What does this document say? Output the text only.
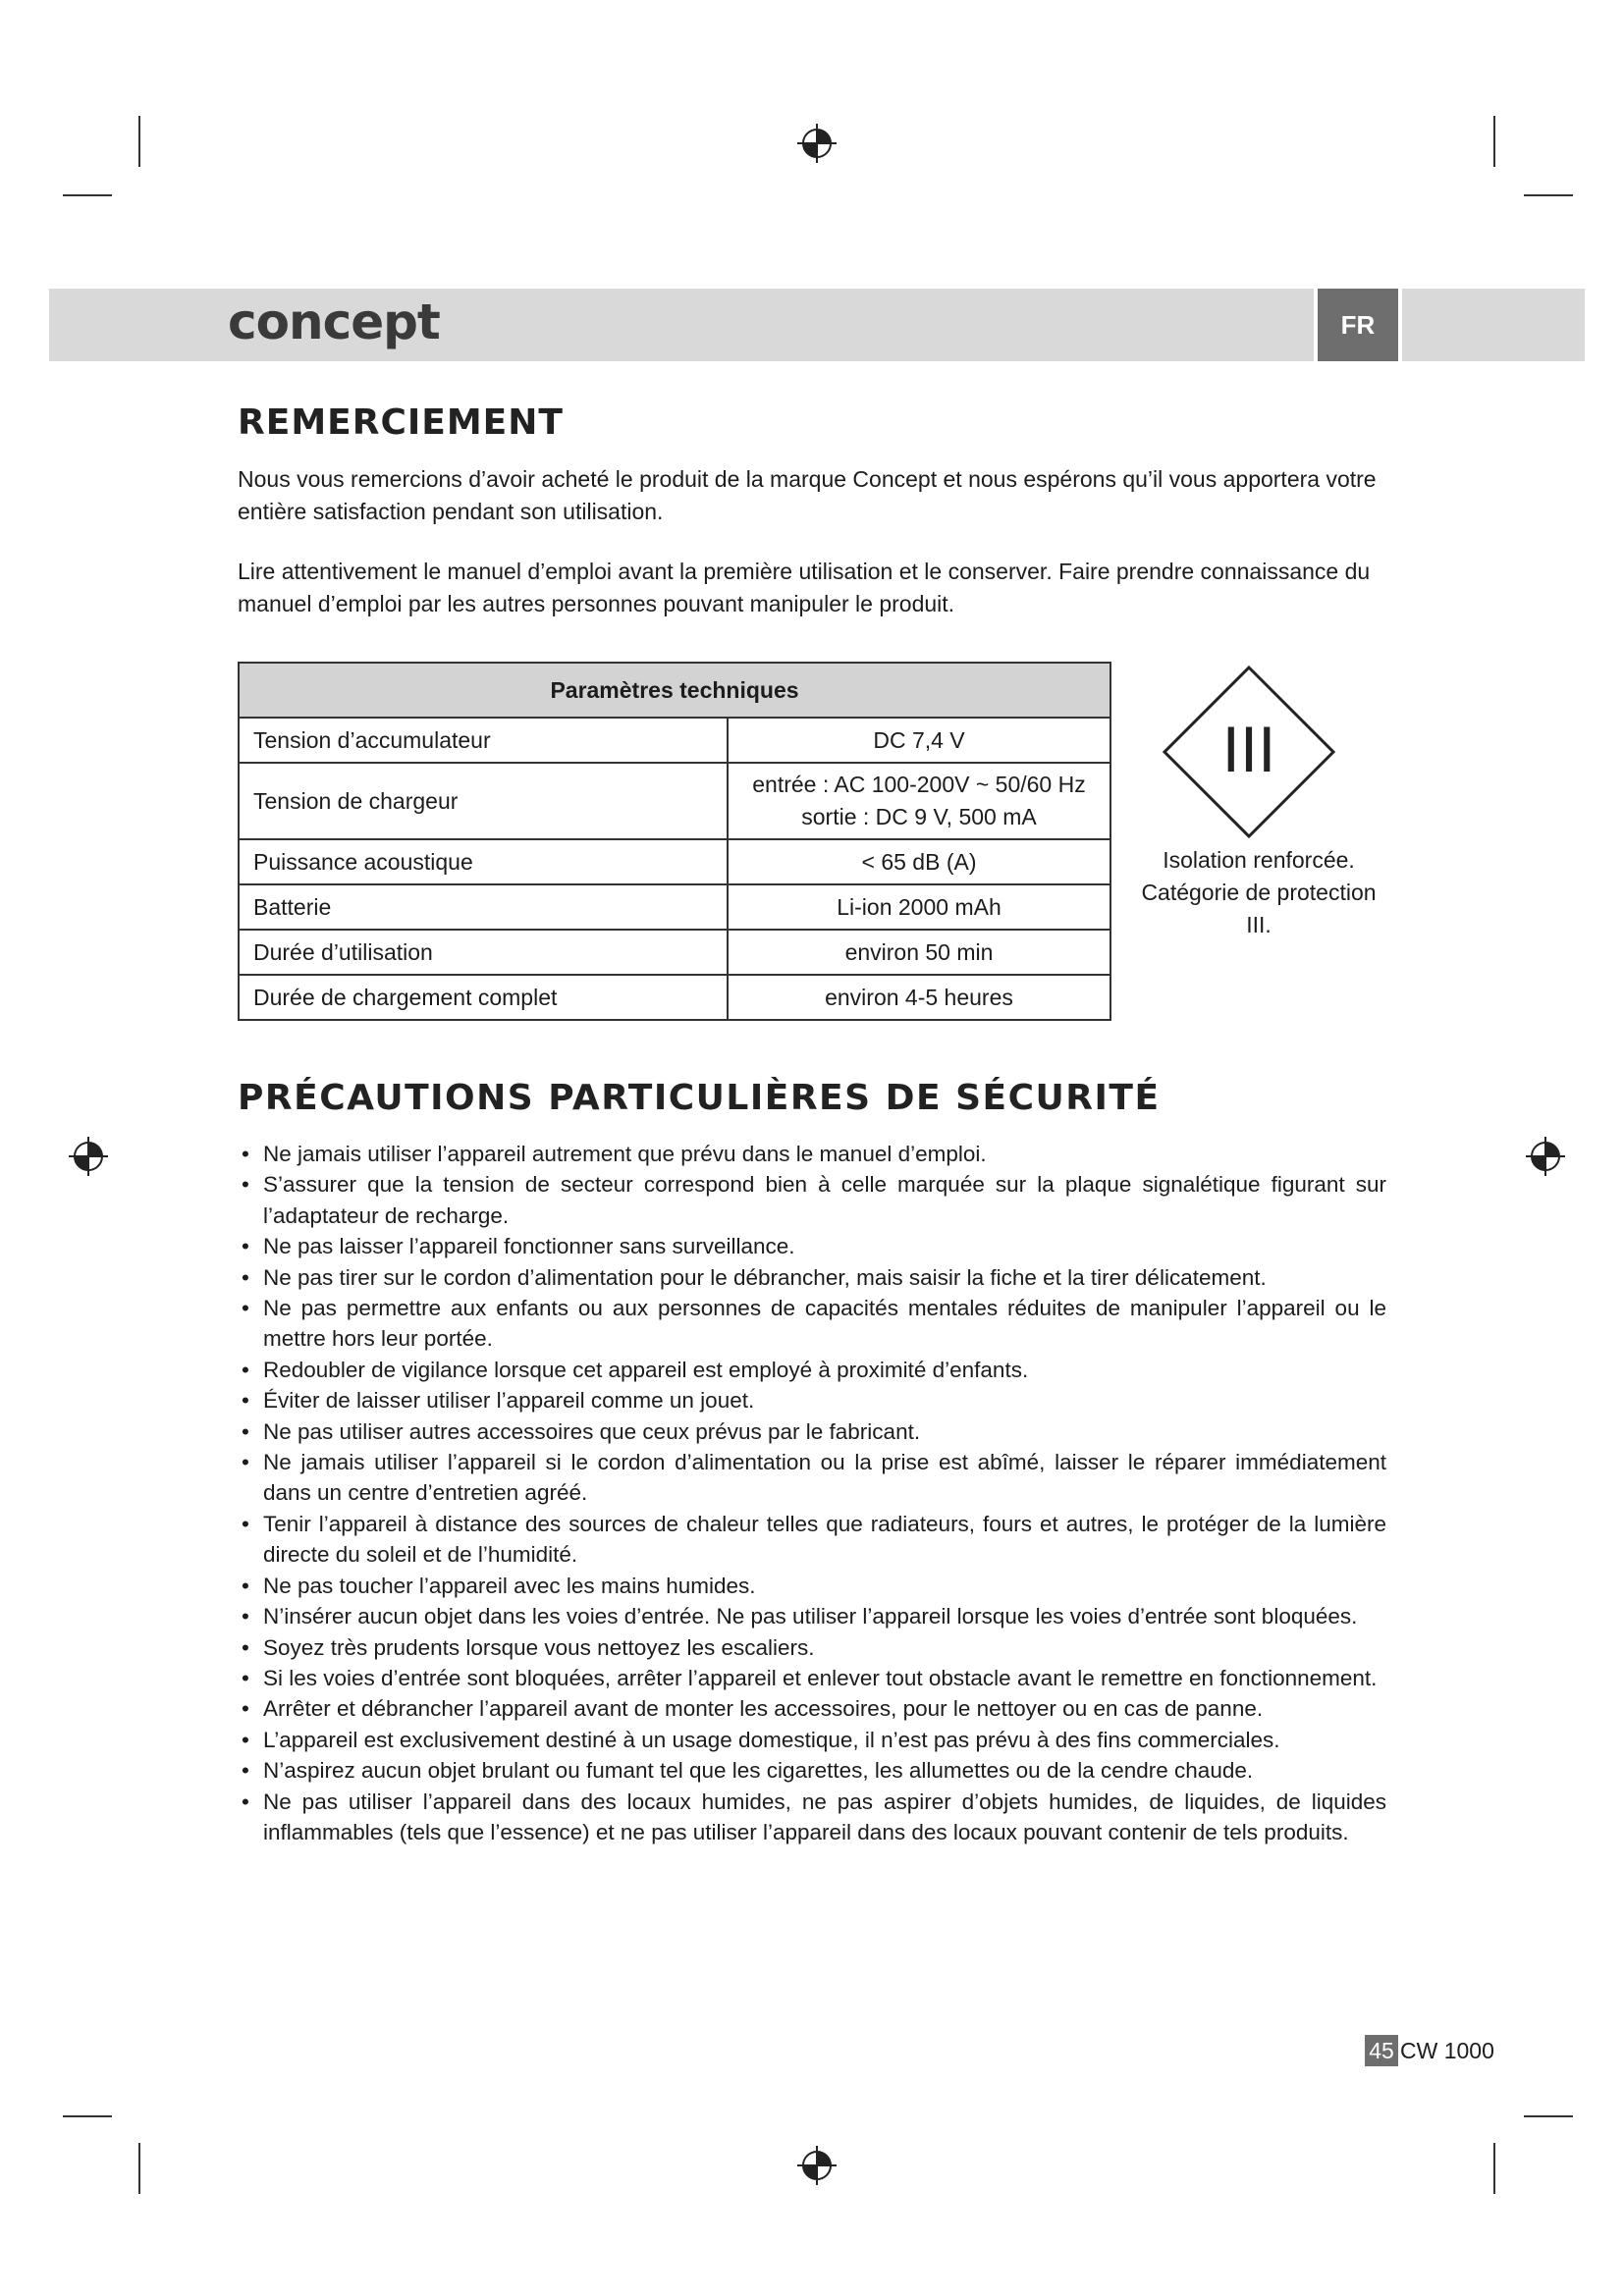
concept	FR
REMERCIEMENT

Nous vous remercions d’avoir acheté le produit de la marque Concept et nous espérons qu’il vous apportera votre entière satisfaction pendant son utilisation.

Lire attentivement le manuel d’emploi avant la première utilisation et le conserver. Faire prendre connaissance du manuel d’emploi par les autres personnes pouvant manipuler le produit.

Paramètres techniques	
Tension d’accumulateur	DC 7,4 V
Tension de chargeur	entrée : AC 100-200V ~ 50/60 Hz
sortie : DC 9 V, 500 mA

Puissance acoustique	< 65 dB (A)
Batterie	Li-ion 2000 mAh
Durée d’utilisation	environ 50 min
Durée de chargement complet	environ 4-5 heures
III
Isolation renforcée.
Catégorie de protection
III.
PRÉCAUTIONS PARTICULIÈRES DE SÉCURITÉ
• Ne jamais utiliser l’appareil autrement que prévu dans le manuel d’emploi.
• S’assurer que la tension de secteur correspond bien à celle marquée sur la plaque signalétique figurant sur l’adaptateur de recharge.
• Ne pas laisser l’appareil fonctionner sans surveillance.
• Ne pas tirer sur le cordon d’alimentation pour le débrancher, mais saisir la fiche et la tirer délicatement.
• Ne pas permettre aux enfants ou aux personnes de capacités mentales réduites de manipuler l’appareil ou le mettre hors leur portée.
• Redoubler de vigilance lorsque cet appareil est employé à proximité d’enfants.
• Éviter de laisser utiliser l’appareil comme un jouet.
• Ne pas utiliser autres accessoires que ceux prévus par le fabricant.
• Ne jamais utiliser l’appareil si le cordon d’alimentation ou la prise est abîmé, laisser le réparer immédiatement dans un centre d’entretien agréé.
• Tenir l’appareil à distance des sources de chaleur telles que radiateurs, fours et autres, le protéger de la lumière directe du soleil et de l’humidité.
• Ne pas toucher l’appareil avec les mains humides.
• N’insérer aucun objet dans les voies d’entrée. Ne pas utiliser l’appareil lorsque les voies d’entrée sont bloquées.
• Soyez très prudents lorsque vous nettoyez les escaliers.
• Si les voies d’entrée sont bloquées, arrêter l’appareil et enlever tout obstacle avant le remettre en fonctionnement.
• Arrêter et débrancher l’appareil avant de monter les accessoires, pour le nettoyer ou en cas de panne.
• L’appareil est exclusivement destiné à un usage domestique, il n’est pas prévu à des fins commerciales.
• N’aspirez aucun objet brulant ou fumant tel que les cigarettes, les allumettes ou de la cendre chaude.
• Ne pas utiliser l’appareil dans des locaux humides, ne pas aspirer d’objets humides, de liquides, de liquides inflammables (tels que l’essence) et ne pas utiliser l’appareil dans des locaux pouvant contenir de tels produits.
45 CW 1000
